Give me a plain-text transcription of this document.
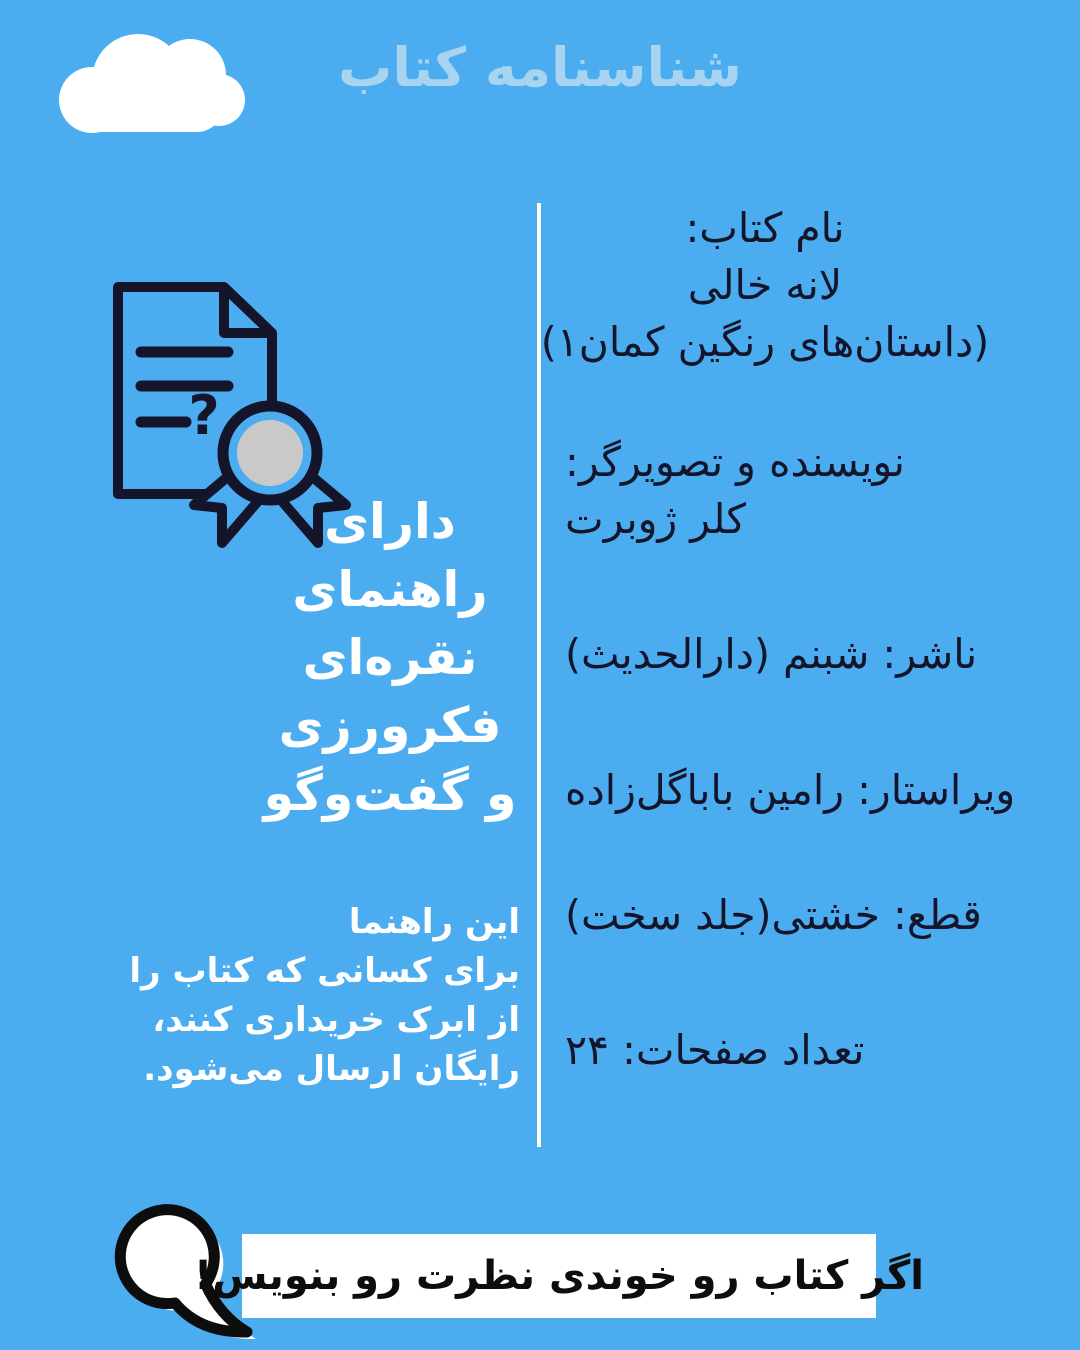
شناسنامه کتاب
?
دارای
راهنمای
نقره‌ای
فکرورزی
و گفت‌وگو
این راهنما
برای کسانی که کتاب را
از ابرک خریداری کنند،
رایگان ارسال می‌شود.
نام کتاب:
لانه خالی
(داستان‌های رنگین کمان۱)
نویسنده و تصویرگر:
کلر ژوبرت
ناشر: شبنم (دارالحدیث)
ویراستار: رامین باباگل‌زاده
قطع: خشتی(جلد سخت)
تعداد صفحات: ۲۴
اگر کتاب رو خوندی نظرت رو بنویس!
